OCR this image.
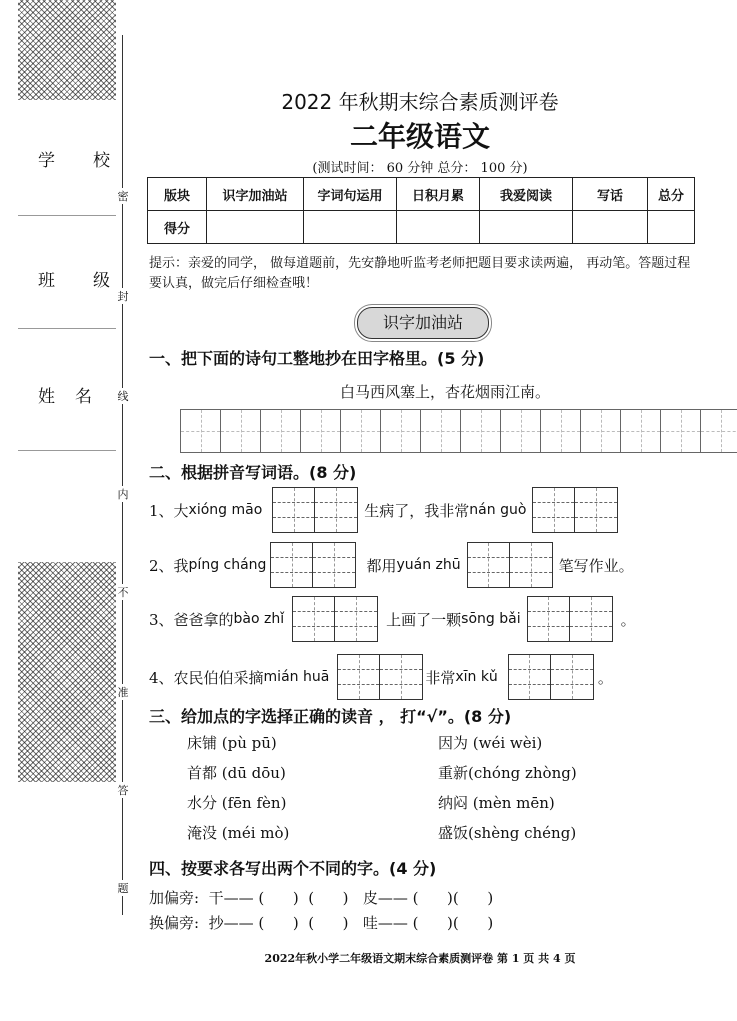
学 校
班 级
姓 名
密
封
线
内
不
准
答
题
2022 年秋期末综合素质测评卷
二年级语文
(测试时间： 60 分钟 总分： 100 分)
版块	识字加油站	字词句运用	日积月累	我爱阅读	写话	总分
得分						
提示：亲爱的同学， 做每道题前，先安静地听监考老师把题目要求读两遍， 再动笔。答题过程要认真，做完后仔细检查哦！
识字加油站
一、把下面的诗句工整地抄在田字格里。(5 分)
白马西风塞上，杏花烟雨江南。
二、根据拼音写词语。(8 分)
1、大 xióng māo	生病了，我非常 nán guò
2、我 píng cháng	都用 yuán zhū	笔写作业。
3、爸爸拿的 bào zhǐ	上画了一颗 sōng bǎi	。
4、农民伯伯采摘 mián huā	非常 xīn kǔ	。
三、给加点的字选择正确的读音 ， 打“√”。(8 分)
床铺 (pù pū)	因为 (wéi wèi)
首都 (dū dōu)	重新(chóng zhòng)
水分 (fēn fèn)	纳闷 (mèn mēn)
淹没 (méi mò)	盛饭(shèng chéng)
四、按要求各写出两个不同的字。(4 分)
加偏旁:  干—— (      )  (      )   皮—— (      )(      )
换偏旁:  抄—— (      )  (      )   哇—— (      )(      )
2022年秋小学二年级语文期末综合素质测评卷 第 1 页 共 4 页
